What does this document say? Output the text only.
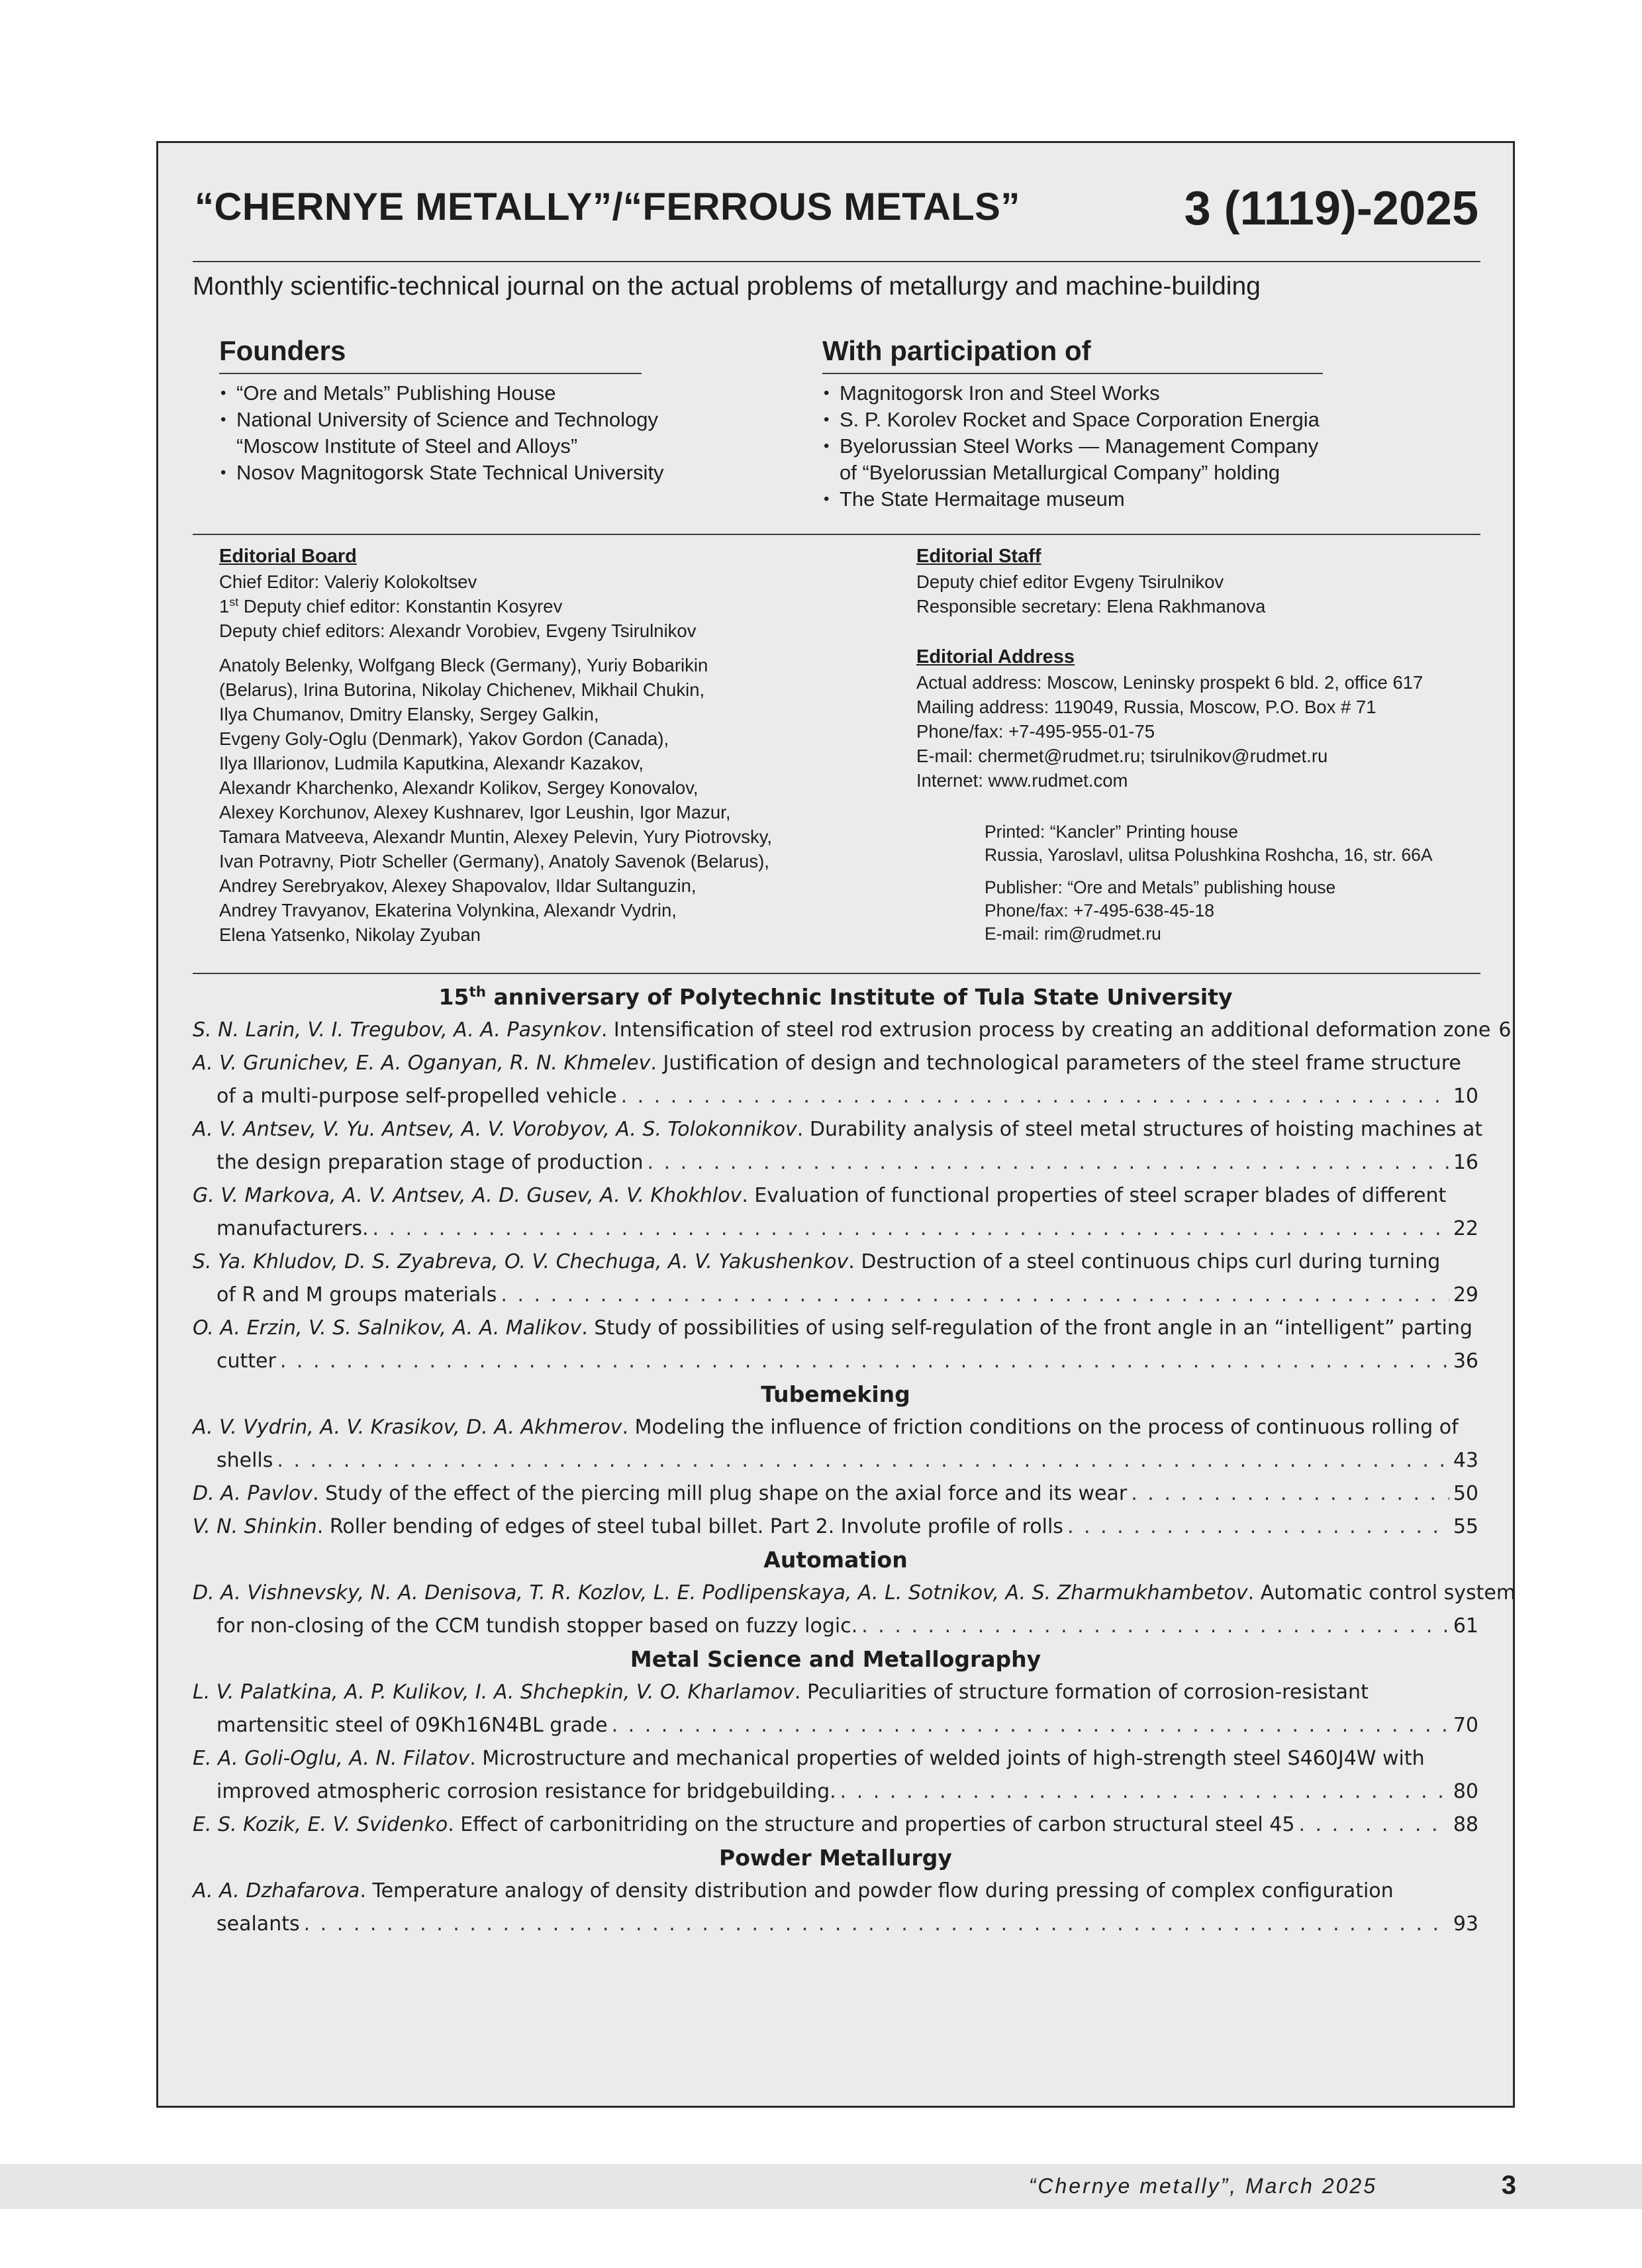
“CHERNYE METALLY”/“FERROUS METALS”	3 (1119)-2025
Monthly scientific-technical journal on the actual problems of metallurgy and machine-building
Founders
• “Ore and Metals” Publishing House
• National University of Science and Technology
“Moscow Institute of Steel and Alloys”
• Nosov Magnitogorsk State Technical University
With participation of
• Magnitogorsk Iron and Steel Works
• S. P. Korolev Rocket and Space Corporation Energia
• Byelorussian Steel Works — Management Company
of “Byelorussian Metallurgical Company” holding
• The State Hermaitage museum
Editorial Board
Chief Editor: Valeriy Kolokoltsev
1st Deputy chief editor: Konstantin Kosyrev
Deputy chief editors: Alexandr Vorobiev, Evgeny Tsirulnikov
Anatoly Belenky, Wolfgang Bleck (Germany), Yuriy Bobarikin
(Belarus), Irina Butorina, Nikolay Chichenev, Mikhail Chukin,
Ilya Chumanov, Dmitry Elansky, Sergey Galkin,
Evgeny Goly-Oglu (Denmark), Yakov Gordon (Canada),
Ilya Illarionov, Ludmila Kaputkina, Alexandr Kazakov,
Alexandr Kharchenko, Alexandr Kolikov, Sergey Konovalov,
Alexey Korchunov, Alexey Kushnarev, Igor Leushin, Igor Mazur,
Tamara Matveeva, Alexandr Muntin, Alexey Pelevin, Yury Piotrovsky,
Ivan Potravny, Piotr Scheller (Germany), Anatoly Savenok (Belarus),
Andrey Serebryakov, Alexey Shapovalov, Ildar Sultanguzin,
Andrey Travyanov, Ekaterina Volynkina, Alexandr Vydrin,
Elena Yatsenko, Nikolay Zyuban
Editorial Staff
Deputy chief editor Evgeny Tsirulnikov
Responsible secretary: Elena Rakhmanova
Editorial Address
Actual address: Moscow, Leninsky prospekt 6 bld. 2, office 617
Mailing address: 119049, Russia, Moscow, P.O. Box # 71
Phone/fax: +7-495-955-01-75
E-mail: chermet@rudmet.ru; tsirulnikov@rudmet.ru
Internet: www.rudmet.com
Printed: “Kancler” Printing house
Russia, Yaroslavl, ulitsa Polushkina Roshcha, 16, str. 66A
Publisher: “Ore and Metals” publishing house
Phone/fax: +7-495-638-45-18
E-mail: rim@rudmet.ru
15th anniversary of Polytechnic Institute of Tula State University
S. N. Larin, V. I. Tregubov, A. A. Pasynkov . Intensification of steel rod extrusion process by creating an additional deformation zone 6
A. V. Grunichev, E. A. Oganyan, R. N. Khmelev. Justification of design and technological parameters of the steel frame structure
of a multi-purpose self-propelled vehicle . . .	10
A. V. Antsev, V. Yu. Antsev, A. V. Vorobyov, A. S. Tolokonnikov. Durability analysis of steel metal structures of hoisting machines at
the design preparation stage of production . . .	16
G. V. Markova, A. V. Antsev, A. D. Gusev, A. V. Khokhlov. Evaluation of functional properties of steel scraper blades of different
manufacturers. . . .	22
S. Ya. Khludov, D. S. Zyabreva, O. V. Chechuga, A. V. Yakushenkov. Destruction of a steel continuous chips curl during turning
of R and M groups materials . . .	29
O. A. Erzin, V. S. Salnikov, A. A. Malikov. Study of possibilities of using self-regulation of the front angle in an “intelligent” parting
cutter . . .	36
Tubemeking
A. V. Vydrin, A. V. Krasikov, D. A. Akhmerov. Modeling the influence of friction conditions on the process of continuous rolling of
shells . . .	43
D. A. Pavlov . Study of the effect of the piercing mill plug shape on the axial force and its wear . . .	50
V. N. Shinkin . Roller bending of edges of steel tubal billet. Part 2. Involute profile of rolls . . .	55
Automation
D. A. Vishnevsky, N. A. Denisova, T. R. Kozlov, L. E. Podlipenskaya, A. L. Sotnikov, A. S. Zharmukhambetov. Automatic control system
for non-closing of the CCM tundish stopper based on fuzzy logic. . . .	61
Metal Science and Metallography
L. V. Palatkina, A. P. Kulikov, I. A. Shchepkin, V. O. Kharlamov. Peculiarities of structure formation of corrosion-resistant
martensitic steel of 09Kh16N4BL grade . . .	70
E. A. Goli-Oglu, A. N. Filatov. Microstructure and mechanical properties of welded joints of high-strength steel S460J4W with
improved atmospheric corrosion resistance for bridgebuilding. . . .	80
E. S. Kozik, E. V. Svidenko . Effect of carbonitriding on the structure and properties of carbon structural steel 45 . . .	88
Powder Metallurgy
A. A. Dzhafarova. Temperature analogy of density distribution and powder flow during pressing of complex configuration
sealants . . .	93
“Chernye metally”, March 2025	3
